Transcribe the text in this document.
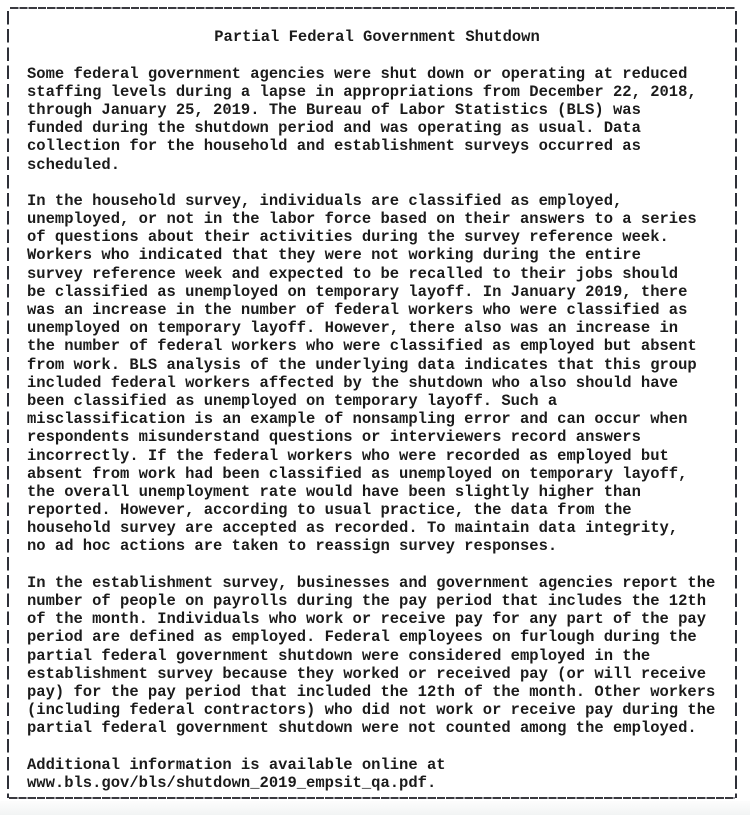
Partial Federal Government Shutdown
Some federal government agencies were shut down or operating at reduced
staffing levels during a lapse in appropriations from December 22, 2018,
through January 25, 2019. The Bureau of Labor Statistics (BLS) was
funded during the shutdown period and was operating as usual. Data
collection for the household and establishment surveys occurred as
scheduled.
In the household survey, individuals are classified as employed,
unemployed, or not in the labor force based on their answers to a series
of questions about their activities during the survey reference week.
Workers who indicated that they were not working during the entire
survey reference week and expected to be recalled to their jobs should
be classified as unemployed on temporary layoff. In January 2019, there
was an increase in the number of federal workers who were classified as
unemployed on temporary layoff. However, there also was an increase in
the number of federal workers who were classified as employed but absent
from work. BLS analysis of the underlying data indicates that this group
included federal workers affected by the shutdown who also should have
been classified as unemployed on temporary layoff. Such a
misclassification is an example of nonsampling error and can occur when
respondents misunderstand questions or interviewers record answers
incorrectly. If the federal workers who were recorded as employed but
absent from work had been classified as unemployed on temporary layoff,
the overall unemployment rate would have been slightly higher than
reported. However, according to usual practice, the data from the
household survey are accepted as recorded. To maintain data integrity,
no ad hoc actions are taken to reassign survey responses.
In the establishment survey, businesses and government agencies report the
number of people on payrolls during the pay period that includes the 12th
of the month. Individuals who work or receive pay for any part of the pay
period are defined as employed. Federal employees on furlough during the
partial federal government shutdown were considered employed in the
establishment survey because they worked or received pay (or will receive
pay) for the pay period that included the 12th of the month. Other workers
(including federal contractors) who did not work or receive pay during the
partial federal government shutdown were not counted among the employed.
Additional information is available online at
www.bls.gov/bls/shutdown_2019_empsit_qa.pdf.
